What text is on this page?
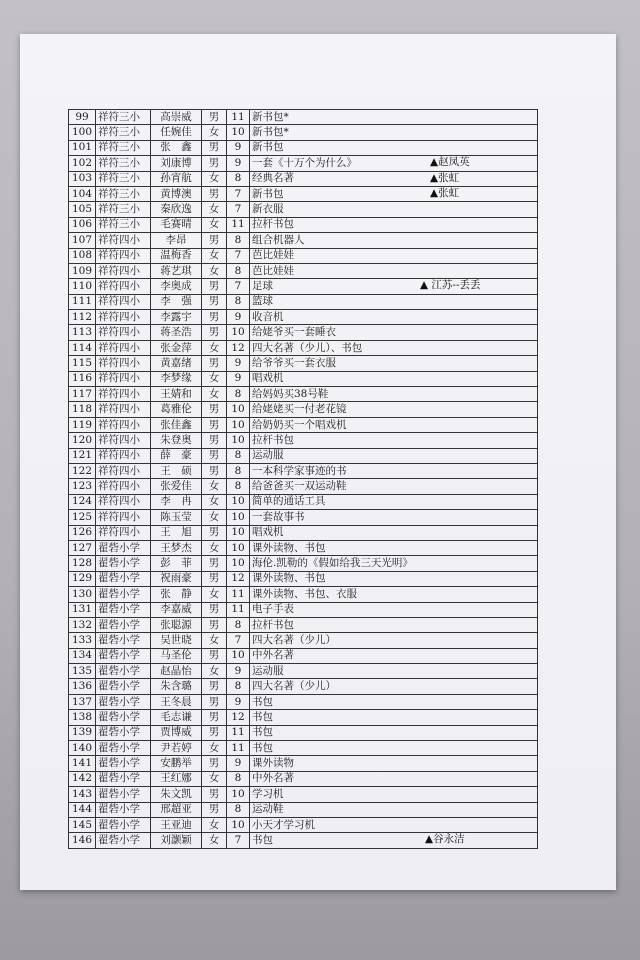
99	祥符三小	高崇威	男	11	新书包*
100	祥符三小	任婉佳	女	10	新书包*
101	祥符三小	张　鑫	男	9	新书包
102	祥符三小	刘康博	男	9	一套《十万个为什么》 ▲赵凤英

103	祥符三小	孙宵航	女	8	经典名著 ▲张虹

104	祥符三小	黄博澳	男	7	新书包 ▲张虹

105	祥符三小	秦欣逸	女	7	新衣服
106	祥符三小	毛赛晴	女	11	拉杆书包
107	祥符四小	李昂	男	8	组合机器人
108	祥符四小	温梅香	女	7	芭比娃娃
109	祥符四小	蒋艺琪	女	8	芭比娃娃
110	祥符四小	李奥成	男	7	足球 ▲ 江苏--丢丢

111	祥符四小	李　强	男	8	篮球
112	祥符四小	李露宇	男	9	收音机
113	祥符四小	蒋圣浩	男	10	给姥爷买一套睡衣
114	祥符四小	张金萍	女	12	四大名著（少儿）、书包
115	祥符四小	黄嘉绪	男	9	给爷爷买一套衣服
116	祥符四小	李梦缘	女	9	唱戏机
117	祥符四小	王婧和	女	8	给妈妈买38号鞋
118	祥符四小	葛雅伦	男	10	给姥姥买一付老花镜
119	祥符四小	张佳鑫	男	10	给奶奶买一个唱戏机
120	祥符四小	朱登奥	男	10	拉杆书包
121	祥符四小	薛　豪	男	8	运动服
122	祥符四小	王　硕	男	8	一本科学家事迹的书
123	祥符四小	张爱佳	女	8	给爸爸买一双运动鞋
124	祥符四小	李　冉	女	10	简单的通话工具
125	祥符四小	陈玉莹	女	10	一套故事书
126	祥符四小	王　旭	男	10	唱戏机
127	翟砦小学	王梦杰	女	10	课外读物、书包
128	翟砦小学	彭　菲	男	10	海伦.凯勒的《假如给我三天光明》
129	翟砦小学	祝雨豪	男	12	课外读物、书包
130	翟砦小学	张　静	女	11	课外读物、书包、衣服
131	翟砦小学	李嘉威	男	11	电子手表
132	翟砦小学	张聪源	男	8	拉杆书包
133	翟砦小学	吴世晓	女	7	四大名著（少儿）
134	翟砦小学	马圣伦	男	10	中外名著
135	翟砦小学	赵晶怡	女	9	运动服
136	翟砦小学	朱含璐	男	8	四大名著（少儿）
137	翟砦小学	王冬晨	男	9	书包
138	翟砦小学	毛志谦	男	12	书包
139	翟砦小学	贾博威	男	11	书包
140	翟砦小学	尹若婷	女	11	书包
141	翟砦小学	安鹏举	男	9	课外读物
142	翟砦小学	王红娜	女	8	中外名著
143	翟砦小学	朱文凯	男	10	学习机
144	翟砦小学	邢超亚	男	8	运动鞋
145	翟砦小学	王亚迪	女	10	小天才学习机
146	翟砦小学	刘灏颖	女	7	书包 ▲谷永洁
